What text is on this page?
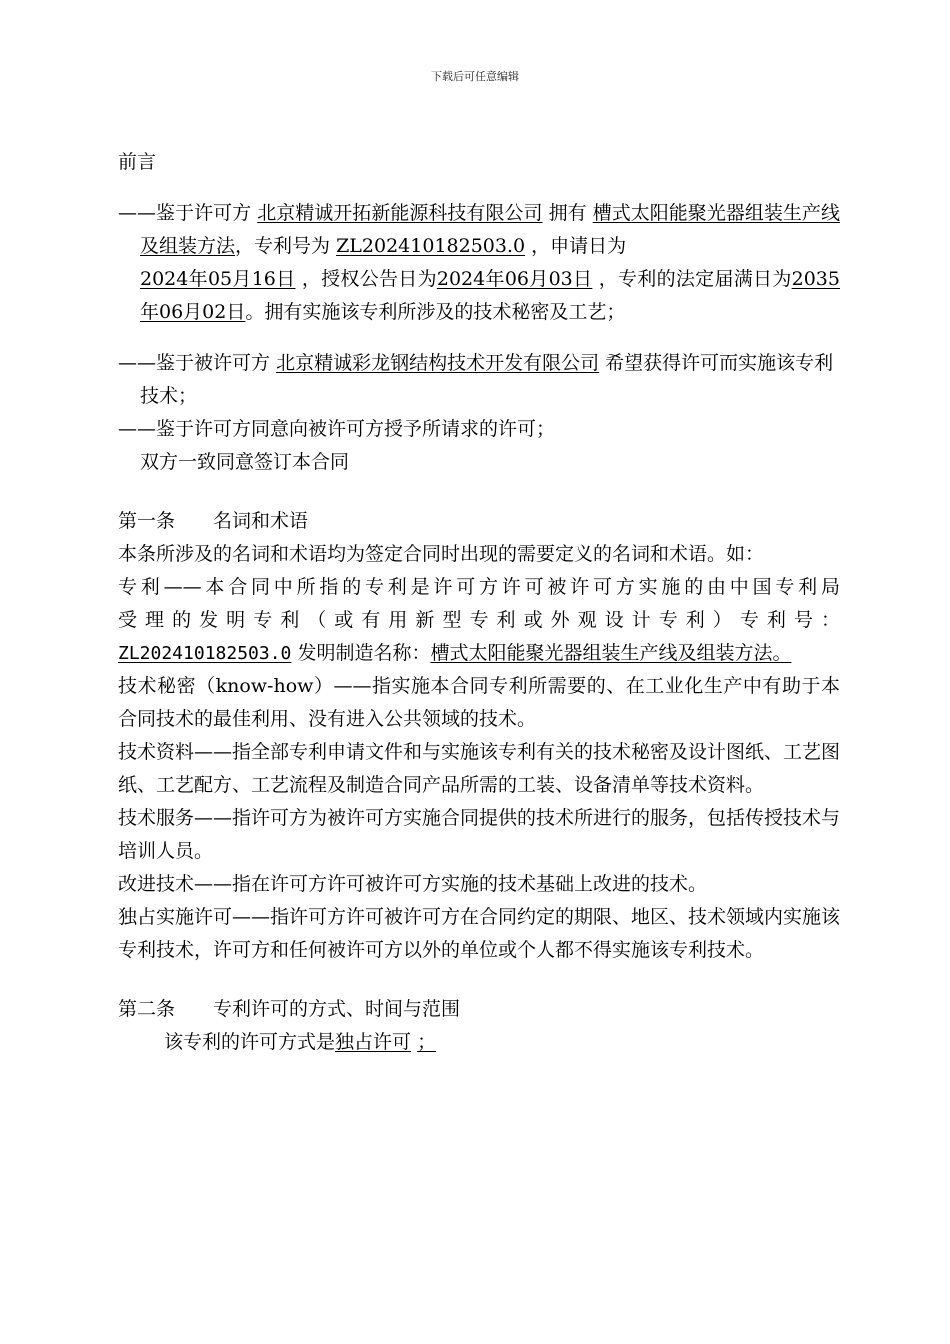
下载后可任意编辑

前言

——鉴于许可方 北京精诚开拓新能源科技有限公司 拥有 槽式太阳能聚光器组装生产线及组装方法，专利号为 ZL202410182503.0 ，申请日为
2024年05月16日 ，授权公告日为2024年06月03日 ，专利的法定届满日为2035年06月02日。拥有实施该专利所涉及的技术秘密及工艺；

——鉴于被许可方 北京精诚彩龙钢结构技术开发有限公司 希望获得许可而实施该专利技术；

——鉴于许可方同意向被许可方授予所请求的许可；

双方一致同意签订本合同

第一条　　名词和术语

本条所涉及的名词和术语均为签定合同时出现的需要定义的名词和术语。如：

专利——本合同中所指的专利是许可方许可被许可方实施的由中国专利局

受理的发明专利（或有用新型专利或外观设计专利）专利号：

ZL202410182503.0 发明制造名称：槽式太阳能聚光器组装生产线及组装方法。

技术秘密（know-how）——指实施本合同专利所需要的、在工业化生产中有助于本合同技术的最佳利用、没有进入公共领域的技术。

技术资料——指全部专利申请文件和与实施该专利有关的技术秘密及设计图纸、工艺图纸、工艺配方、工艺流程及制造合同产品所需的工装、设备清单等技术资料。

技术服务——指许可方为被许可方实施合同提供的技术所进行的服务，包括传授技术与培训人员。

改进技术——指在许可方许可被许可方实施的技术基础上改进的技术。

独占实施许可——指许可方许可被许可方在合同约定的期限、地区、技术领域内实施该专利技术，许可方和任何被许可方以外的单位或个人都不得实施该专利技术。

第二条　　专利许可的方式、时间与范围

该专利的许可方式是独占许可 ；
